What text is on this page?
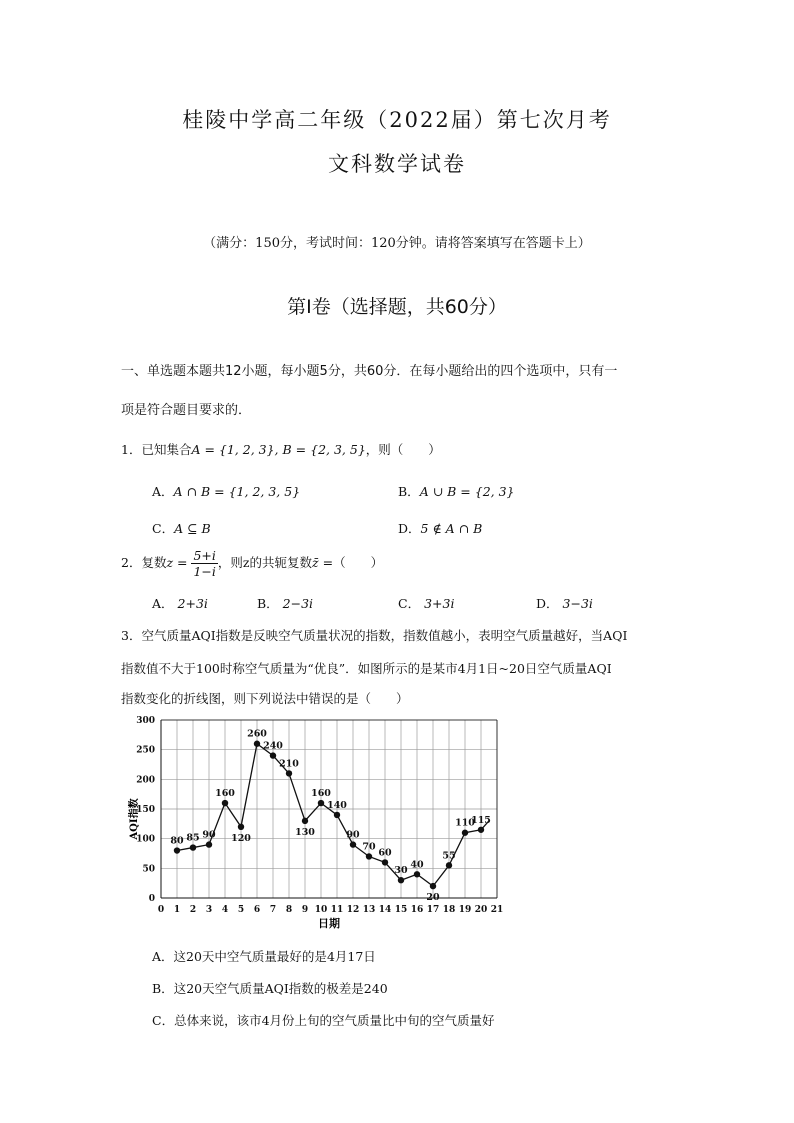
桂陵中学高二年级（2022届）第七次月考
文科数学试卷
（满分：150分，考试时间：120分钟。请将答案填写在答题卡上）
第Ⅰ卷（选择题，共60分）
一、单选题本题共12小题，每小题5分，共60分．在每小题给出的四个选项中，只有一
项是符合题目要求的．
1．已知集合A = {1, 2, 3}, B = {2, 3, 5}，则（　　）
A．A ∩ B = {1, 2, 3, 5}	B．A ∪ B = {2, 3}
C．A ⊆ B	D．5 ∉ A ∩ B
2．复数$z = \frac{5+i}{1-i}$ ，则z的共轭复数z̄ =（　　）
A． 2+3i	B． 2−3i	C． 3+3i	D． 3−3i
3．空气质量AQI指数是反映空气质量状况的指数，指数值越小，表明空气质量越好，当AQI
指数值不大于100时称空气质量为“优良”．如图所示的是某市4月1日~20日空气质量AQI
指数变化的折线图，则下列说法中错误的是（　　）
0 1 2 3 4 5 6 7 8 9 10 11 12 13 14 15 16 17 18 19 20 21
0
50
100
150
200
250
300
80 85 90
160
120
260
240
210
130
160
140
90
70
60
30
40
20
55
110
115
日期
AQI指数
A．这20天中空气质量最好的是4月17日
B．这20天空气质量AQI指数的极差是240
C．总体来说，该市4月份上旬的空气质量比中旬的空气质量好
